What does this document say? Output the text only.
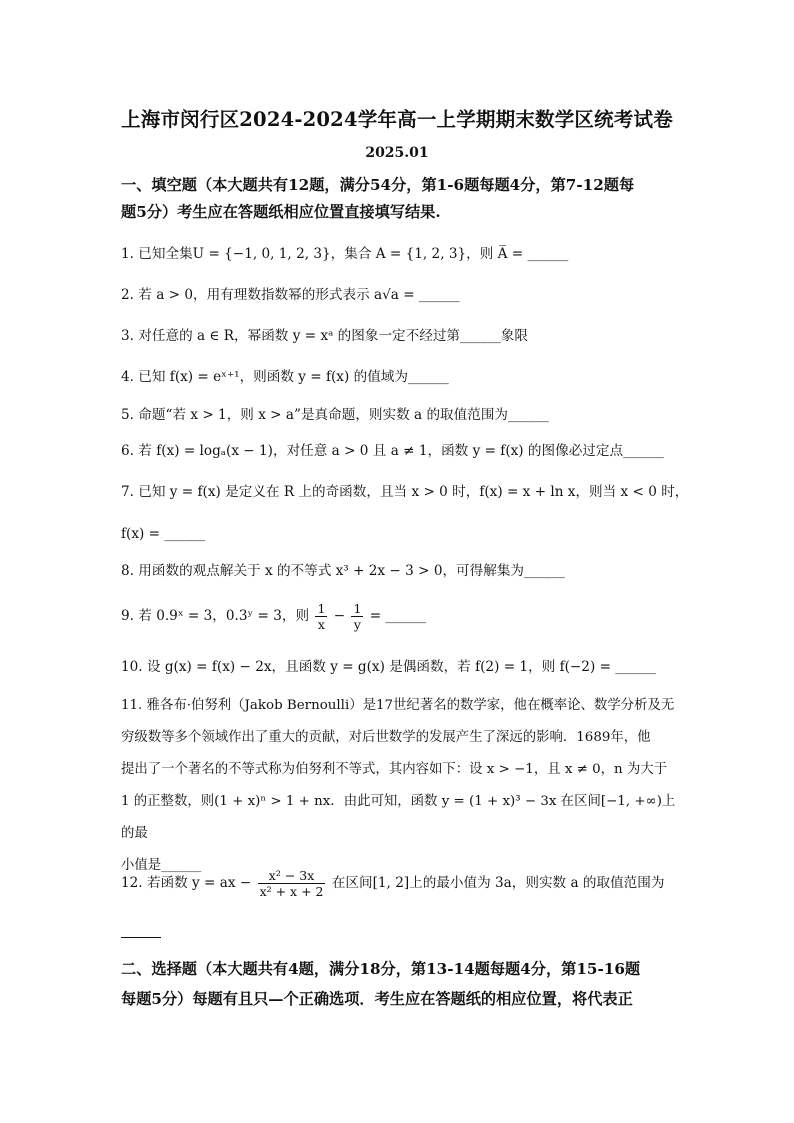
上海市闵行区2024-2024学年高一上学期期末数学区统考试卷
2025.01
一、填空题（本大题共有12题，满分54分，第1-6题每题4分，第7-12题每
题5分）考生应在答题纸相应位置直接填写结果.
1. 已知全集U = {−1, 0, 1, 2, 3}，集合 A = {1, 2, 3}，则 A̅ = ______
2. 若 a > 0，用有理数指数幂的形式表示 a√a = ______
3. 对任意的 a ∈ R，幂函数 y = xᵃ 的图象一定不经过第______象限
4. 已知 f(x) = eˣ⁺¹，则函数 y = f(x) 的值域为______
5. 命题“若 x > 1，则 x > a”是真命题，则实数 a 的取值范围为______
6. 若 f(x) = logₐ(x − 1)，对任意 a > 0 且 a ≠ 1，函数 y = f(x) 的图像必过定点______
7. 已知 y = f(x) 是定义在 R 上的奇函数，且当 x > 0 时，f(x) = x + ln x，则当 x < 0 时，
f(x) = ______
8. 用函数的观点解关于 x 的不等式 x³ + 2x − 3 > 0，可得解集为______
9. 若 0.9ˣ = 3，0.3ʸ = 3，则 $\frac{1}{x} - \frac{1}{y}$ = ______
10. 设 g(x) = f(x) − 2x，且函数 y = g(x) 是偶函数，若 f(2) = 1，则 f(−2) = ______
11. 雅各布·伯努利（Jakob Bernoulli）是17世纪著名的数学家，他在概率论、数学分析及无
穷级数等多个领域作出了重大的贡献，对后世数学的发展产生了深远的影响．1689年，他
提出了一个著名的不等式称为伯努利不等式，其内容如下：设 x > −1，且 x ≠ 0，n 为大于
1 的正整数，则(1 + x)ⁿ > 1 + nx．由此可知，函数 y = (1 + x)³ − 3x 在区间[−1, +∞)上的最
小值是______
12. 若函数 y = ax − $\frac{\text{x² − 3x}}{\text{x² + x + 2}}$ 在区间[1, 2]上的最小值为 3a，则实数 a 的取值范围为
二、选择题（本大题共有4题，满分18分，第13-14题每题4分，第15-16题
每题5分）每题有且只—个正确选项．考生应在答题纸的相应位置，将代表正
